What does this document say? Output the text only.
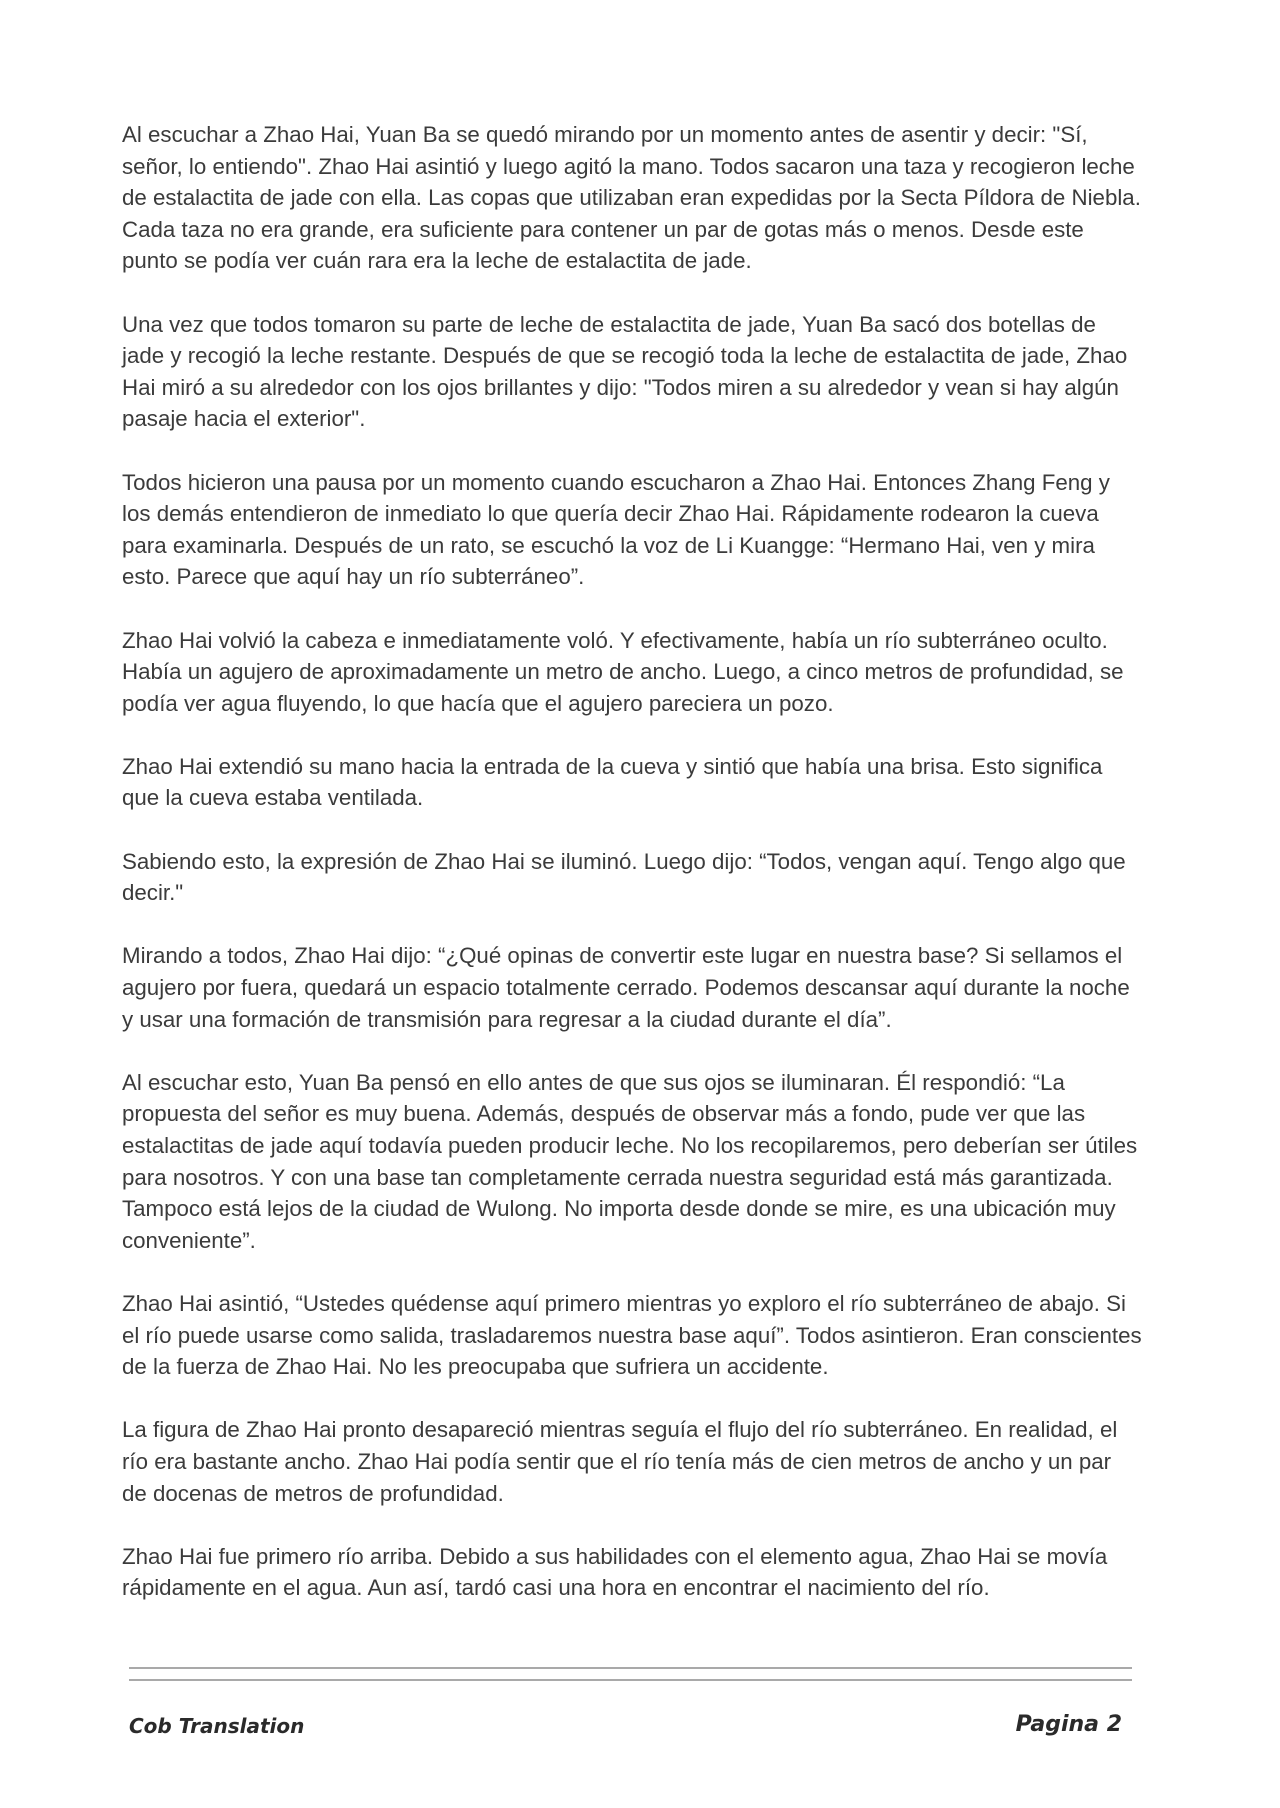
Al escuchar a Zhao Hai, Yuan Ba se quedó mirando por un momento antes de asentir y decir: "Sí, señor, lo entiendo". Zhao Hai asintió y luego agitó la mano. Todos sacaron una taza y recogieron leche de estalactita de jade con ella. Las copas que utilizaban eran expedidas por la Secta Píldora de Niebla. Cada taza no era grande, era suficiente para contener un par de gotas más o menos. Desde este punto se podía ver cuán rara era la leche de estalactita de jade.

Una vez que todos tomaron su parte de leche de estalactita de jade, Yuan Ba sacó dos botellas de jade y recogió la leche restante. Después de que se recogió toda la leche de estalactita de jade, Zhao Hai miró a su alrededor con los ojos brillantes y dijo: "Todos miren a su alrededor y vean si hay algún pasaje hacia el exterior".

Todos hicieron una pausa por un momento cuando escucharon a Zhao Hai. Entonces Zhang Feng y los demás entendieron de inmediato lo que quería decir Zhao Hai. Rápidamente rodearon la cueva para examinarla. Después de un rato, se escuchó la voz de Li Kuangge: “Hermano Hai, ven y mira esto. Parece que aquí hay un río subterráneo”.

Zhao Hai volvió la cabeza e inmediatamente voló. Y efectivamente, había un río subterráneo oculto. Había un agujero de aproximadamente un metro de ancho. Luego, a cinco metros de profundidad, se podía ver agua fluyendo, lo que hacía que el agujero pareciera un pozo.

Zhao Hai extendió su mano hacia la entrada de la cueva y sintió que había una brisa. Esto significa que la cueva estaba ventilada.

Sabiendo esto, la expresión de Zhao Hai se iluminó. Luego dijo: “Todos, vengan aquí. Tengo algo que decir."

Mirando a todos, Zhao Hai dijo: “¿Qué opinas de convertir este lugar en nuestra base? Si sellamos el agujero por fuera, quedará un espacio totalmente cerrado. Podemos descansar aquí durante la noche y usar una formación de transmisión para regresar a la ciudad durante el día”.

Al escuchar esto, Yuan Ba pensó en ello antes de que sus ojos se iluminaran. Él respondió: “La propuesta del señor es muy buena. Además, después de observar más a fondo, pude ver que las estalactitas de jade aquí todavía pueden producir leche. No los recopilaremos, pero deberían ser útiles para nosotros. Y con una base tan completamente cerrada nuestra seguridad está más garantizada. Tampoco está lejos de la ciudad de Wulong. No importa desde donde se mire, es una ubicación muy conveniente”.

Zhao Hai asintió, “Ustedes quédense aquí primero mientras yo exploro el río subterráneo de abajo. Si el río puede usarse como salida, trasladaremos nuestra base aquí”. Todos asintieron. Eran conscientes de la fuerza de Zhao Hai. No les preocupaba que sufriera un accidente.

La figura de Zhao Hai pronto desapareció mientras seguía el flujo del río subterráneo. En realidad, el río era bastante ancho. Zhao Hai podía sentir que el río tenía más de cien metros de ancho y un par de docenas de metros de profundidad.

Zhao Hai fue primero río arriba. Debido a sus habilidades con el elemento agua, Zhao Hai se movía rápidamente en el agua. Aun así, tardó casi una hora en encontrar el nacimiento del río.

Cob Translation	Pagina 2
